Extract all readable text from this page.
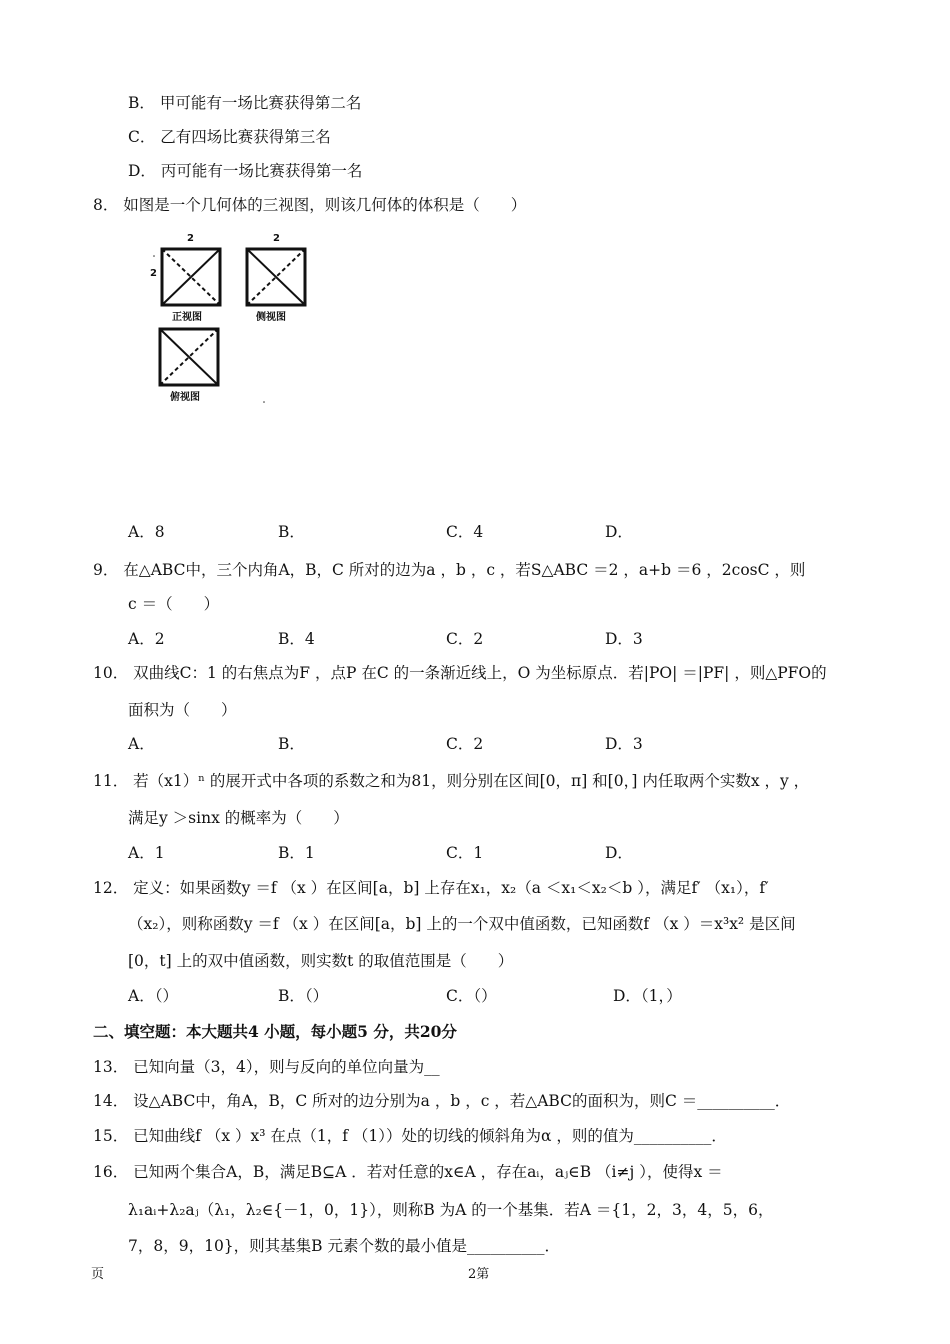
B． 甲可能有一场比赛获得第二名
C． 乙有四场比赛获得第三名
D． 丙可能有一场比赛获得第一名
8． 如图是一个几何体的三视图，则该几何体的体积是（　　）
2
2
2
正视图	侧视图
俯视图
A．8	B．	C．4	D．
9． 在△ABC中，三个内角A，B，C 所对的边为a ，b ，c ，若S△ABC ＝2 ，a+b ＝6 ，2cosC ，则
c ＝（　　）
A．2	B．4	C．2	D．3
10． 双曲线C：1 的右焦点为F ，点P 在C 的一条渐近线上，O 为坐标原点．若|PO| ＝|PF| ，则△PFO的
面积为（　　）
A．	B．	C．2	D．3
11． 若（x1）ⁿ 的展开式中各项的系数之和为81，则分别在区间[0，π] 和[0，] 内任取两个实数x ，y ，
满足y ＞sinx 的概率为（　　）
A．1	B．1	C．1	D．
12． 定义：如果函数y ＝f （x ）在区间[a，b] 上存在x₁，x₂（a ＜x₁＜x₂＜b ），满足f′ （x₁），f′
（x₂），则称函数y ＝f （x ）在区间[a，b] 上的一个双中值函数，已知函数f （x ）＝x³x² 是区间
[0，t] 上的双中值函数，则实数t 的取值范围是（　　）
A．（）	B．（）	C．（）	D．（1，）
二、填空题：本大题共4 小题，每小题5 分，共20分
13． 已知向量（3，4），则与反向的单位向量为__
14． 设△ABC中，角A，B，C 所对的边分别为a ，b ，c ，若△ABC的面积为，则C ＝__________．
15． 已知曲线f （x ）x³ 在点（1，f （1））处的切线的倾斜角为α ，则的值为__________．
16． 已知两个集合A，B，满足B⊆A ．若对任意的x∈A ，存在aᵢ，aⱼ∈B （i≠j ），使得x ＝
λ₁aᵢ+λ₂aⱼ（λ₁，λ₂∈{－1，0，1}），则称B 为A 的一个基集．若A ＝{1，2，3，4，5，6，
7，8，9，10}，则其基集B 元素个数的最小值是__________．
页	2第
